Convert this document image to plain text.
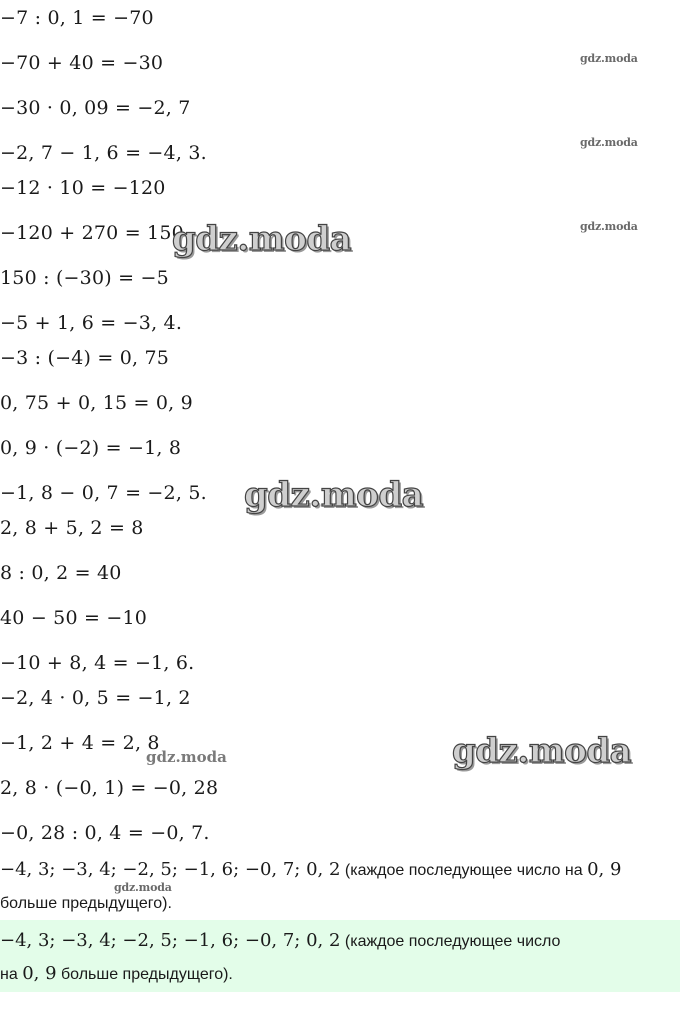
−7 : 0, 1 = −70
−70 + 40 = −30
−30 · 0, 09 = −2, 7
−2, 7 − 1, 6 = −4, 3.
−12 · 10 = −120
−120 + 270 = 150
150 : (−30) = −5
−5 + 1, 6 = −3, 4.
−3 : (−4) = 0, 75
0, 75 + 0, 15 = 0, 9
0, 9 · (−2) = −1, 8
−1, 8 − 0, 7 = −2, 5.
2, 8 + 5, 2 = 8
8 : 0, 2 = 40
40 − 50 = −10
−10 + 8, 4 = −1, 6.
−2, 4 · 0, 5 = −1, 2
−1, 2 + 4 = 2, 8
2, 8 · (−0, 1) = −0, 28
−0, 28 : 0, 4 = −0, 7.
−4, 3; −3, 4; −2, 5; −1, 6; −0, 7; 0, 2 (каждое последующее число на 0, 9
больше предыдущего).
−4, 3; −3, 4; −2, 5; −1, 6; −0, 7; 0, 2 (каждое последующее число
на 0, 9 больше предыдущего).
gdz.moda
gdz.moda
gdz.moda
gdz.moda
gdz.moda
gdz.moda
gdz.moda
gdz.moda
